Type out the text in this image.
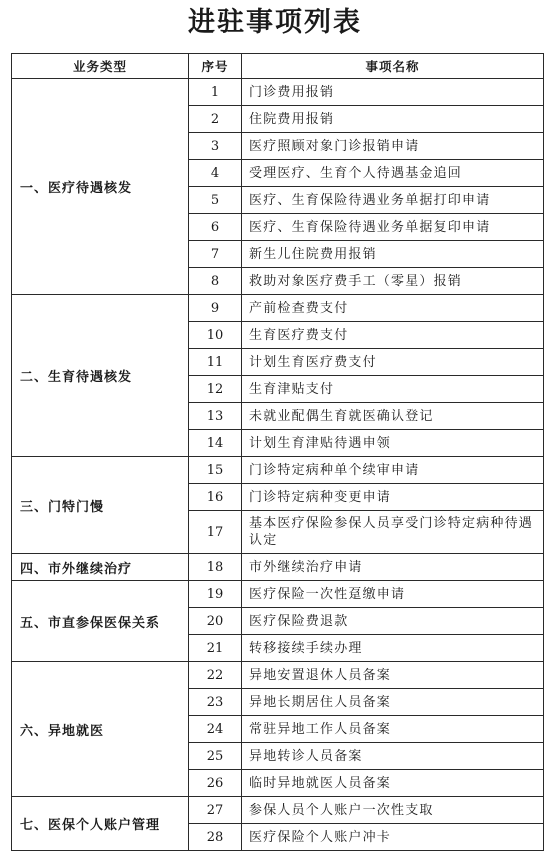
进驻事项列表
业务类型	序号	事项名称
一、医疗待遇核发	1	门诊费用报销
	2	住院费用报销
	3	医疗照顾对象门诊报销申请
	4	受理医疗、生育个人待遇基金追回
	5	医疗、生育保险待遇业务单据打印申请
	6	医疗、生育保险待遇业务单据复印申请
	7	新生儿住院费用报销
	8	救助对象医疗费手工（零星）报销
二、生育待遇核发	9	产前检查费支付
	10	生育医疗费支付
	11	计划生育医疗费支付
	12	生育津贴支付
	13	未就业配偶生育就医确认登记
	14	计划生育津贴待遇申领
三、门特门慢	15	门诊特定病种单个续审申请
	16	门诊特定病种变更申请
	17	基本医疗保险参保人员享受门诊特定病种待遇认定
四、市外继续治疗	18	市外继续治疗申请
五、市直参保医保关系	19	医疗保险一次性趸缴申请
	20	医疗保险费退款
	21	转移接续手续办理
六、异地就医	22	异地安置退休人员备案
	23	异地长期居住人员备案
	24	常驻异地工作人员备案
	25	异地转诊人员备案
	26	临时异地就医人员备案
七、医保个人账户管理	27	参保人员个人账户一次性支取
	28	医疗保险个人账户冲卡
